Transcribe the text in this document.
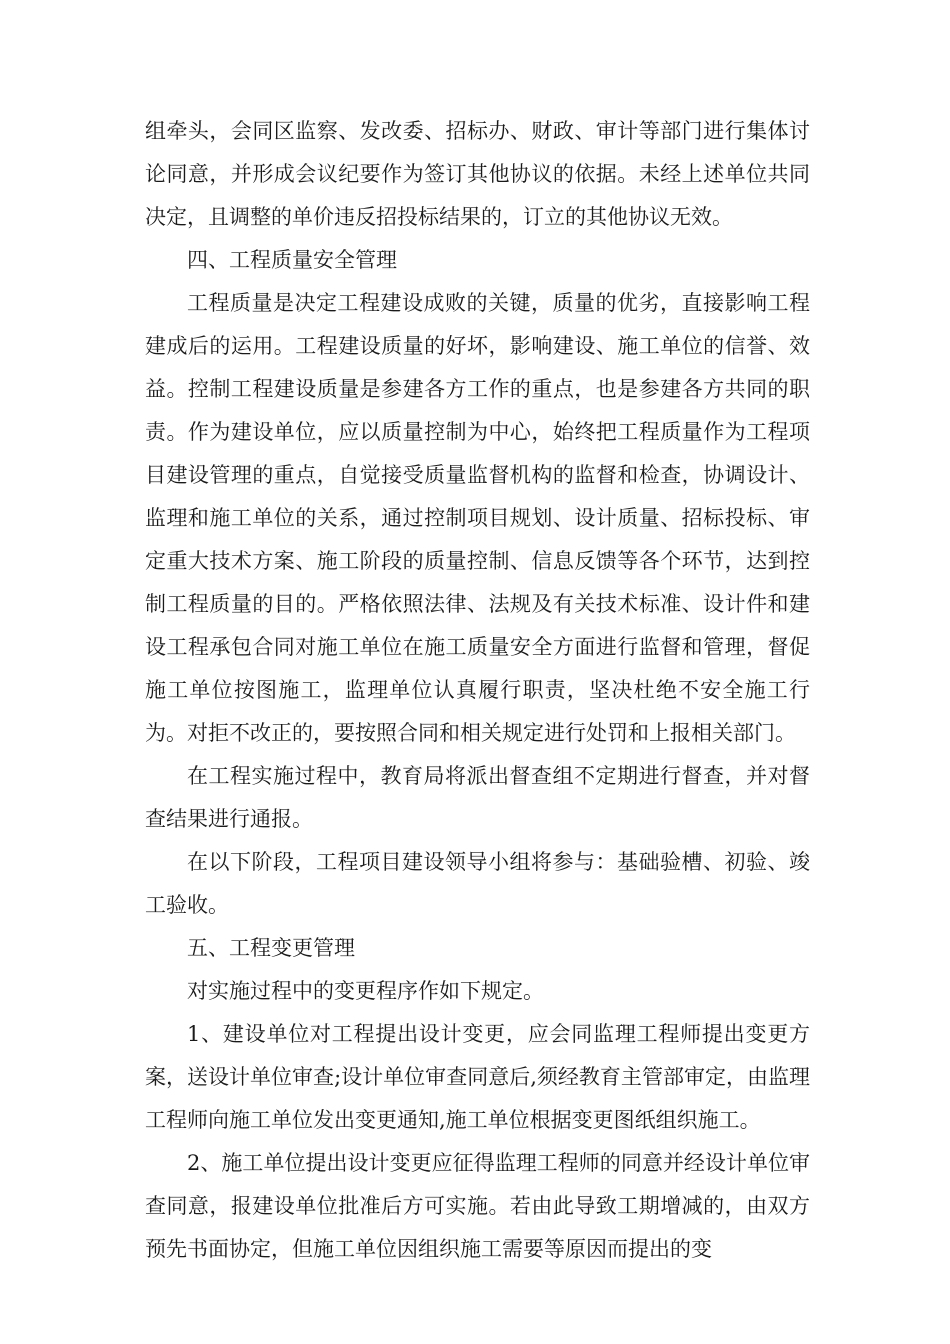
组牵头，会同区监察、发改委、招标办、财政、审计等部门进行集体讨论同意，并形成会议纪要作为签订其他协议的依据。未经上述单位共同决定，且调整的单价违反招投标结果的，订立的其他协议无效。

四、工程质量安全管理

工程质量是决定工程建设成败的关键，质量的优劣，直接影响工程建成后的运用。工程建设质量的好坏，影响建设、施工单位的信誉、效益。控制工程建设质量是参建各方工作的重点，也是参建各方共同的职责。作为建设单位，应以质量控制为中心，始终把工程质量作为工程项目建设管理的重点，自觉接受质量监督机构的监督和检查，协调设计、监理和施工单位的关系，通过控制项目规划、设计质量、招标投标、审定重大技术方案、施工阶段的质量控制、信息反馈等各个环节，达到控制工程质量的目的。严格依照法律、法规及有关技术标准、设计件和建设工程承包合同对施工单位在施工质量安全方面进行监督和管理，督促施工单位按图施工，监理单位认真履行职责，坚决杜绝不安全施工行为。对拒不改正的，要按照合同和相关规定进行处罚和上报相关部门。

在工程实施过程中，教育局将派出督查组不定期进行督查，并对督查结果进行通报。

在以下阶段，工程项目建设领导小组将参与：基础验槽、初验、竣工验收。

五、工程变更管理

对实施过程中的变更程序作如下规定。

1、建设单位对工程提出设计变更，应会同监理工程师提出变更方案，送设计单位审查;设计单位审查同意后,须经教育主管部审定，由监理工程师向施工单位发出变更通知,施工单位根据变更图纸组织施工。

2、施工单位提出设计变更应征得监理工程师的同意并经设计单位审查同意，报建设单位批准后方可实施。若由此导致工期增减的，由双方预先书面协定，但施工单位因组织施工需要等原因而提出的变
